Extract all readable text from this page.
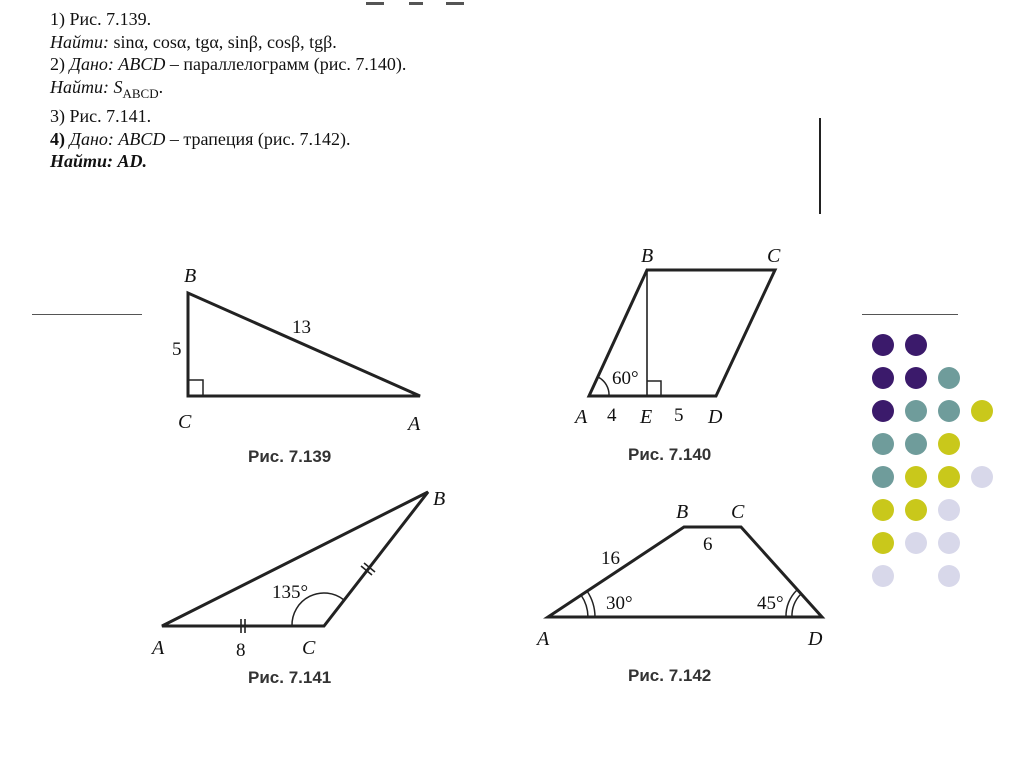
1) Рис. 7.139.
Найти: sinα, cosα, tgα, sinβ, cosβ, tgβ.
2) Дано: ABCD – параллелограмм (рис. 7.140).
Найти: $S_{ABCD}$.
3) Рис. 7.141.
4) Дано: ABCD – трапеция (рис. 7.142).
Найти: AD.
B
C	A
5
13
Рис. 7.139
B	C
A	E	D
60°
4	5
Рис. 7.140
B
A	C
135°
8
Рис. 7.141
B C
A	D
16
6
30°	45°
Рис. 7.142
